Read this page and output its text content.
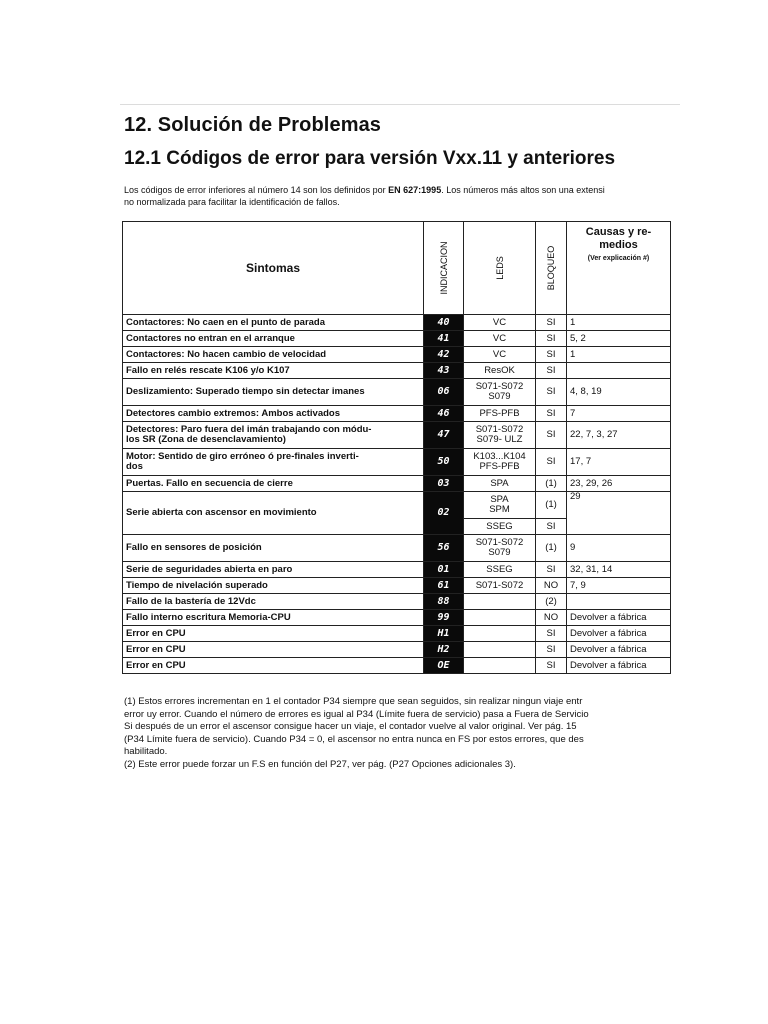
12. Solución de Problemas
12.1 Códigos de error para versión Vxx.11 y anteriores
Los códigos de error inferiores al número 14 son los definidos por EN 627:1995. Los números más altos son una extensi
no normalizada para facilitar la identificación de fallos.
Sintomas	INDICACION	LEDS	BLOQUEO	Causas y re-medios
(Ver explicación #)

Contactores: No caen en el punto de parada	40	VC	SI	1
Contactores no entran en el arranque	41	VC	SI	5, 2
Contactores: No hacen cambio de velocidad	42	VC	SI	1
Fallo en relés rescate K106 y/o K107	43	ResOK	SI	
Deslizamiento: Superado tiempo sin detectar imanes	06	S071-S072
S079	SI	4, 8, 19
Detectores cambio extremos: Ambos activados	46	PFS-PFB	SI	7
Detectores: Paro fuera del imán trabajando con módu-
los SR (Zona de desenclavamiento)	47	S071-S072
S079- ULZ	SI	22, 7, 3, 27
Motor: Sentido de giro erróneo ó pre-finales inverti-
dos	50	K103...K104
PFS-PFB	SI	17, 7
Puertas. Fallo en secuencia de cierre	03	SPA	(1)	23, 29, 26
Serie abierta con ascensor en movimiento	02	SPA
SPM	(1)	29
		SSEG	SI	
Fallo en sensores de posición	56	S071-S072
S079	(1)	9
Serie de seguridades abierta en paro	01	SSEG	SI	32, 31, 14
Tiempo de nivelación superado	61	S071-S072	NO	7, 9
Fallo de la bastería de 12Vdc	88		(2)	
Fallo interno escritura Memoria-CPU	99		NO	Devolver a fábrica
Error en CPU	H1		SI	Devolver a fábrica
Error en CPU	H2		SI	Devolver a fábrica
Error en CPU	OE		SI	Devolver a fábrica

(1) Estos errores incrementan en 1 el contador P34 siempre que sean seguidos, sin realizar ningun viaje entr

error uy error. Cuando el número de errores es igual al P34 (Límite fuera de servicio) pasa a Fuera de Servicio

Si después de un error el ascensor consigue hacer un viaje, el contador vuelve al valor original. Ver pág. 15

(P34 Límite fuera de servicio). Cuando P34 = 0, el ascensor no entra nunca en FS por estos errores, que des

habilitado.

(2) Este error puede forzar un F.S en función del P27, ver pág. (P27 Opciones adicionales 3).
